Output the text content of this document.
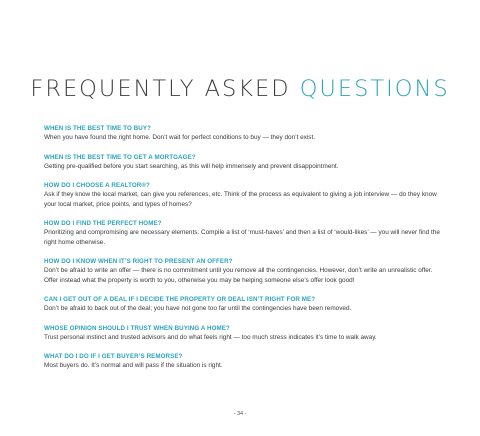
FREQUENTLY ASKED QUESTIONS
WHEN IS THE BEST TIME TO BUY?
When you have found the right home. Don’t wait for perfect conditions to buy — they don’t exist.
WHEN IS THE BEST TIME TO GET A MORTGAGE?
Getting pre-qualified before you start searching, as this will help immensely and prevent disappointment.
HOW DO I CHOOSE A REALTOR®?
Ask if they know the local market, can give you references, etc. Think of the process as equivalent to giving a job interview — do they know your local market, price points, and types of homes?
HOW DO I FIND THE PERFECT HOME?
Prioritizing and compromising are necessary elements. Compile a list of ‘must-haves’ and then a list of ‘would-likes’ — you will never find the right home otherwise.
HOW DO I KNOW WHEN IT’S RIGHT TO PRESENT AN OFFER?
Don’t be afraid to write an offer — there is no commitment until you remove all the contingencies. However, don’t write an unrealistic offer. Offer instead what the property is worth to you, otherwise you may be helping someone else’s offer look good!
CAN I GET OUT OF A DEAL IF I DECIDE THE PROPERTY OR DEAL ISN’T RIGHT FOR ME?
Don’t be afraid to back out of the deal; you have not gone too far until the contingencies have been removed.
WHOSE OPINION SHOULD I TRUST WHEN BUYING A HOME?
Trust personal instinct and trusted advisors and do what feels right — too much stress indicates it’s time to walk away.
WHAT DO I DO IF I GET BUYER’S REMORSE?
Most buyers do. It’s normal and will pass if the situation is right.
- 34 -
